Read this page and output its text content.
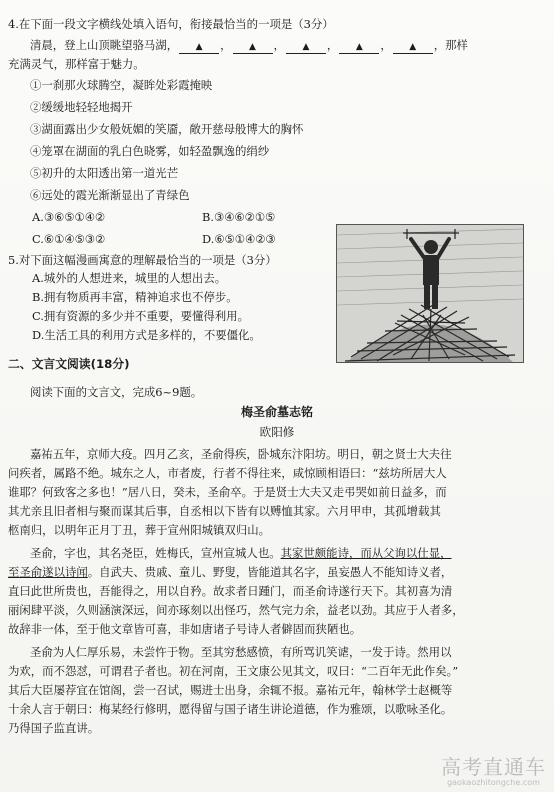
4.在下面一段文字横线处填入语句，衔接最恰当的一项是（3分）
清晨，登上山顶眺望骆马湖， ▲ ， ▲ ， ▲ ， ▲ ， ▲ ，那样
充满灵气，那样富于魅力。
①一刹那火球腾空，凝眸处彩霞掩映
②缓缓地轻轻地揭开
③湖面露出少女般妩媚的笑靥，敞开慈母般博大的胸怀
④笼罩在湖面的乳白色晓雾，如轻盈飘逸的绢纱
⑤初升的太阳透出第一道光芒
⑥远处的霞光渐渐显出了青绿色
A.③⑥⑤①④②	B.③④⑥②①⑤
C.⑥①④⑤③②	D.⑥⑤①④②③
5.对下面这幅漫画寓意的理解最恰当的一项是（3分）
A.城外的人想进来，城里的人想出去。
B.拥有物质再丰富，精神追求也不停步。
C.拥有资源的多少并不重要，要懂得利用。
D.生活工具的利用方式是多样的，不要僵化。
二、文言文阅读(18分)
阅读下面的文言文，完成6~9题。
梅圣俞墓志铭
欧阳修
嘉祐五年，京师大疫。四月乙亥，圣俞得疾，卧城东汴阳坊。明日，朝之贤士大夫往
问疾者，属路不绝。城东之人，市者废，行者不得往来，咸惊顾相语曰：“兹坊所居大人
谁耶？何致客之多也！”居八日，癸未，圣俞卒。于是贤士大夫又走弔哭如前日益多，而
其尤亲且旧者相与聚而谋其后事，自丞相以下皆有以赙恤其家。六月甲申，其孤增载其
柩南归，以明年正月丁丑，葬于宣州阳城镇双归山。
圣俞，字也，其名尧臣，姓梅氏，宣州宣城人也。其家世颇能诗，而从父询以仕显，
至圣俞遂以诗闻。自武夫、贵戚、童儿、野叟，皆能道其名字，虽妄愚人不能知诗义者，
直曰此世所贵也，吾能得之，用以自矜。故求者日踵门，而圣俞诗遂行天下。其初喜为清
丽闲肆平淡，久则涵演深远，间亦琢刻以出怪巧，然气完力余，益老以劲。其应于人者多，
故辞非一体，至于他文章皆可喜，非如唐诸子号诗人者僻固而狭陋也。
圣俞为人仁厚乐易，未尝忤于物。至其穷愁感愤，有所骂讥笑谑，一发于诗。然用以
为欢，而不怨怼，可谓君子者也。初在河南，王文康公见其文，叹曰：“二百年无此作矣。”
其后大臣屡荐宜在馆阁，尝一召试，赐进士出身，余辄不报。嘉祐元年，翰林学士赵概等
十余人言于朝曰：梅某经行修明，愿得留与国子诸生讲论道德，作为雅颂，以歌咏圣化。
乃得国子监直讲。
高考直通车
gaokaozhitongche.com
